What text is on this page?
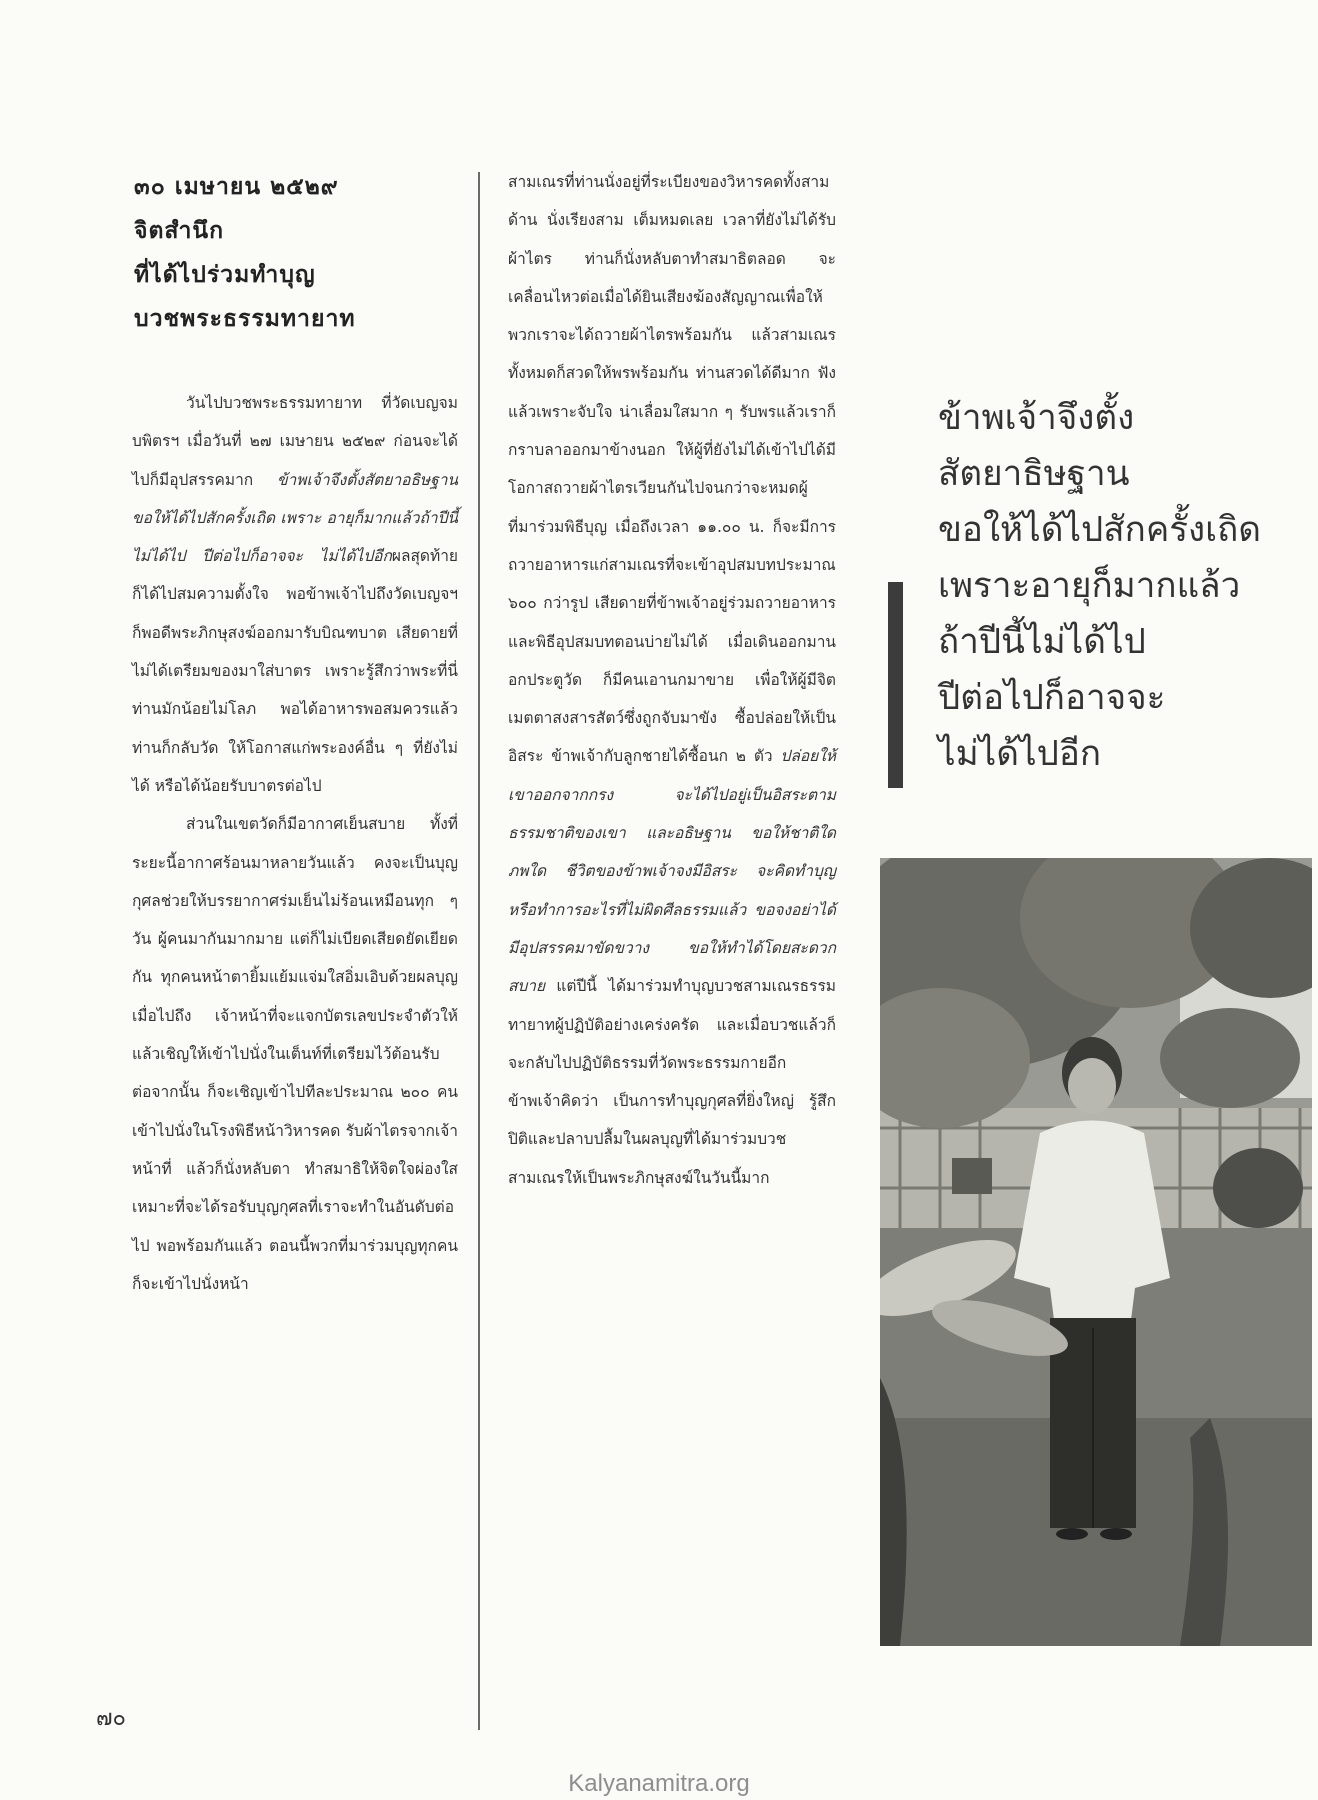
๓๐ เมษายน ๒๕๒๙
จิตสำนึก
ที่ได้ไปร่วมทำบุญ
บวชพระธรรมทายาท

วันไปบวชพระธรรมทายาท ที่วัดเบญจมบพิตรฯ เมื่อวันที่ ๒๗ เมษายน ๒๕๒๙ ก่อนจะได้ไปก็มีอุปสรรคมาก ข้าพเจ้าจึงตั้งสัตยาอธิษฐาน ขอให้ได้ไปสักครั้งเถิด เพราะ อายุก็มากแล้วถ้าปีนี้ไม่ได้ไป ปีต่อไปก็อาจจะ ไม่ได้ไปอีกผลสุดท้ายก็ได้ไปสมความตั้งใจ พอข้าพเจ้าไปถึงวัดเบญจฯ ก็พอดีพระภิกษุสงฆ์ออกมารับบิณฑบาต เสียดายที่ไม่ได้เตรียมของมาใส่บาตร เพราะรู้สึกว่าพระที่นี่ท่านมักน้อยไม่โลภ พอได้อาหารพอสมควรแล้ว ท่านก็กลับวัด ให้โอกาสแก่พระองค์อื่น ๆ ที่ยังไม่ได้ หรือได้น้อยรับบาตรต่อไป

ส่วนในเขตวัดก็มีอากาศเย็นสบาย ทั้งที่ระยะนี้อากาศร้อนมาหลายวันแล้ว คงจะเป็นบุญกุศลช่วยให้บรรยากาศร่มเย็นไม่ร้อนเหมือนทุก ๆ วัน ผู้คนมากันมากมาย แต่ก็ไม่เบียดเสียดยัดเยียดกัน ทุกคนหน้าตายิ้มแย้มแจ่มใสอิ่มเอิบด้วยผลบุญ เมื่อไปถึง เจ้าหน้าที่จะแจกบัตรเลขประจำตัวให้ แล้วเชิญให้เข้าไปนั่งในเต็นท์ที่เตรียมไว้ต้อนรับ ต่อจากนั้น ก็จะเชิญเข้าไปทีละประมาณ ๒๐๐ คน เข้าไปนั่งในโรงพิธีหน้าวิหารคด รับผ้าไตรจากเจ้าหน้าที่ แล้วก็นั่งหลับตา ทำสมาธิให้จิตใจผ่องใสเหมาะที่จะได้รอรับบุญกุศลที่เราจะทำในอันดับต่อไป พอพร้อมกันแล้ว ตอนนี้พวกที่มาร่วมบุญทุกคน ก็จะเข้าไปนั่งหน้า

สามเณรที่ท่านนั่งอยู่ที่ระเบียงของวิหารคดทั้งสามด้าน นั่งเรียงสาม เต็มหมดเลย เวลาที่ยังไม่ได้รับผ้าไตร ท่านก็นั่งหลับตาทำสมาธิตลอด จะเคลื่อนไหวต่อเมื่อได้ยินเสียงฆ้องสัญญาณเพื่อให้พวกเราจะได้ถวายผ้าไตรพร้อมกัน แล้วสามเณรทั้งหมดก็สวดให้พรพร้อมกัน ท่านสวดได้ดีมาก ฟังแล้วเพราะจับใจ น่าเลื่อมใสมาก ๆ รับพรแล้วเราก็กราบลาออกมาข้างนอก ให้ผู้ที่ยังไม่ได้เข้าไปได้มีโอกาสถวายผ้าไตรเวียนกันไปจนกว่าจะหมดผู้ที่มาร่วมพิธีบุญ เมื่อถึงเวลา ๑๑.๐๐ น. ก็จะมีการถวายอาหารแก่สามเณรที่จะเข้าอุปสมบทประมาณ ๖๐๐ กว่ารูป เสียดายที่ข้าพเจ้าอยู่ร่วมถวายอาหารและพิธีอุปสมบทตอนบ่ายไม่ได้ เมื่อเดินออกมานอกประตูวัด ก็มีคนเอานกมาขาย เพื่อให้ผู้มีจิตเมตตาสงสารสัตว์ซึ่งถูกจับมาขัง ซื้อปล่อยให้เป็นอิสระ ข้าพเจ้ากับลูกชายได้ซื้อนก ๒ ตัว ปล่อยให้เขาออกจากกรง จะได้ไปอยู่เป็นอิสระตามธรรมชาติของเขา และอธิษฐาน ขอให้ชาติใด ภพใด ชีวิตของข้าพเจ้าจงมีอิสระ จะคิดทำบุญ หรือทำการอะไรที่ไม่ผิดศีลธรรมแล้ว ขอจงอย่าได้มีอุปสรรคมาขัดขวาง ขอให้ทำได้โดยสะดวกสบาย แต่ปีนี้ ได้มาร่วมทำบุญบวชสามเณรธรรมทายาทผู้ปฏิบัติอย่างเคร่งครัด และเมื่อบวชแล้วก็จะกลับไปปฏิบัติธรรมที่วัดพระธรรมกายอีก ข้าพเจ้าคิดว่า เป็นการทำบุญกุศลที่ยิ่งใหญ่ รู้สึกปิติและปลาบปลื้มในผลบุญที่ได้มาร่วมบวชสามเณรให้เป็นพระภิกษุสงฆ์ในวันนี้มาก

ข้าพเจ้าจึงตั้ง
สัตยาธิษฐาน
ขอให้ได้ไปสักครั้งเถิด
เพราะอายุก็มากแล้ว
ถ้าปีนี้ไม่ได้ไป
ปีต่อไปก็อาจจะ
ไม่ได้ไปอีก
๗๐
Kalyanamitra.org
